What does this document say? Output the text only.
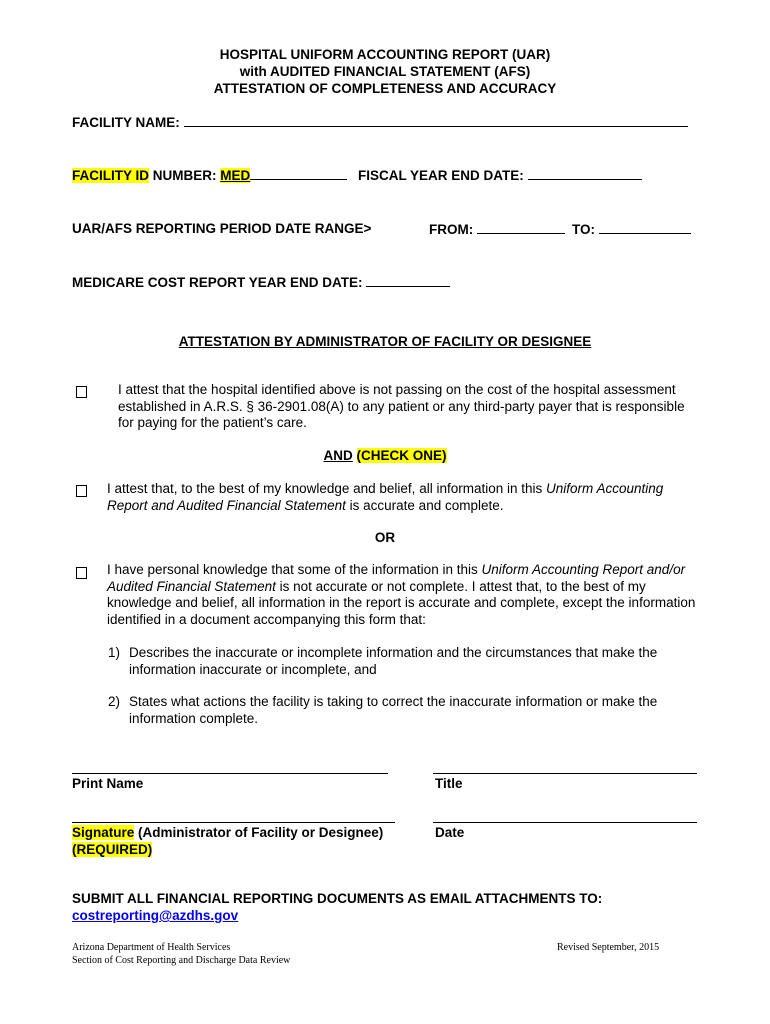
HOSPITAL UNIFORM ACCOUNTING REPORT (UAR)
with AUDITED FINANCIAL STATEMENT (AFS)
ATTESTATION OF COMPLETENESS AND ACCURACY
FACILITY NAME:
FACILITY ID NUMBER: MED	FISCAL YEAR END DATE:
UAR/AFS REPORTING PERIOD DATE RANGE>	FROM:	TO:
MEDICARE COST REPORT YEAR END DATE:
ATTESTATION BY ADMINISTRATOR OF FACILITY OR DESIGNEE
I attest that the hospital identified above is not passing on the cost of the hospital assessment established in A.R.S. § 36-2901.08(A) to any patient or any third-party payer that is responsible for paying for the patient’s care.
AND (CHECK ONE)
I attest that, to the best of my knowledge and belief, all information in this Uniform Accounting Report and Audited Financial Statement is accurate and complete.
OR
I have personal knowledge that some of the information in this Uniform Accounting Report and/or Audited Financial Statement is not accurate or not complete. I attest that, to the best of my knowledge and belief, all information in the report is accurate and complete, except the information identified in a document accompanying this form that:
1) Describes the inaccurate or incomplete information and the circumstances that make the information inaccurate or incomplete, and
2) States what actions the facility is taking to correct the inaccurate information or make the information complete.
Print Name	Title
Signature (Administrator of Facility or Designee)
(REQUIRED)
Date
SUBMIT ALL FINANCIAL REPORTING DOCUMENTS AS EMAIL ATTACHMENTS TO:
costreporting@azdhs.gov
Arizona Department of Health Services
Section of Cost Reporting and Discharge Data Review
Revised September, 2015
